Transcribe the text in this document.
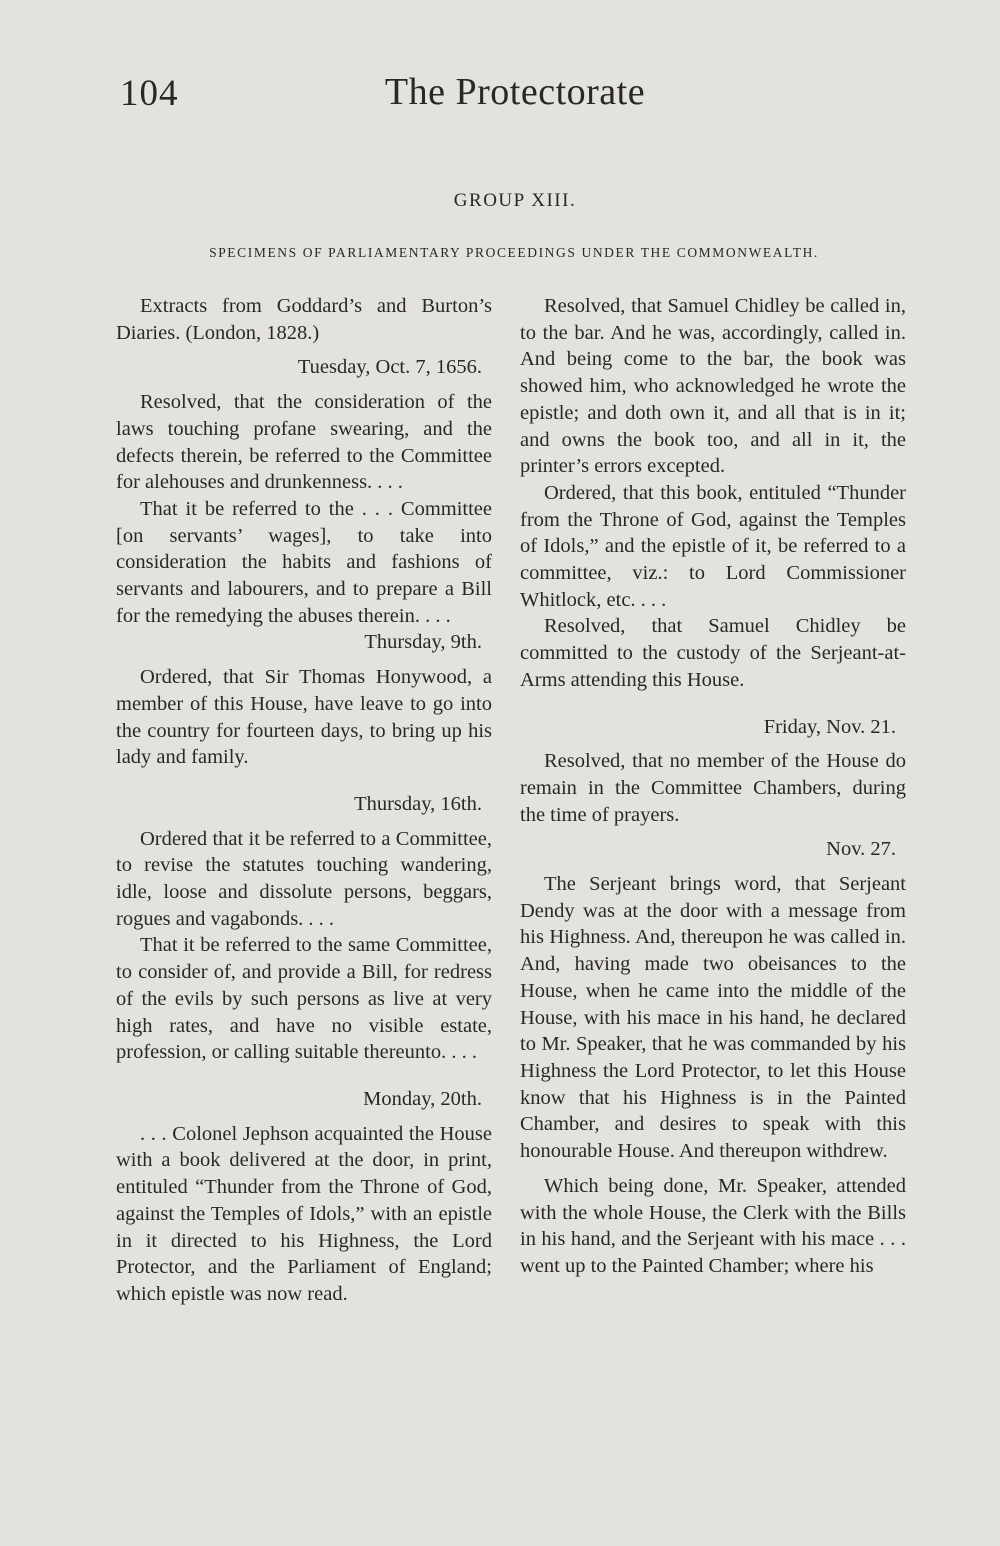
104	The Protectorate
GROUP XIII.
SPECIMENS OF PARLIAMENTARY PROCEEDINGS UNDER THE COMMONWEALTH.

Extracts from Goddard’s and Burton’s Diaries. (London, 1828.)

Tuesday, Oct. 7, 1656.

Resolved, that the consideration of the laws touching profane swearing, and the defects therein, be referred to the Committee for alehouses and drunkenness. . . .

That it be referred to the . . . Committee [on servants’ wages], to take into consideration the habits and fashions of servants and labourers, and to prepare a Bill for the remedying the abuses therein. . . .

Thursday, 9th.

Ordered, that Sir Thomas Honywood, a member of this House, have leave to go into the country for fourteen days, to bring up his lady and family.

Thursday, 16th.

Ordered that it be referred to a Committee, to revise the statutes touching wandering, idle, loose and dissolute persons, beggars, rogues and vagabonds. . . .

That it be referred to the same Committee, to consider of, and provide a Bill, for redress of the evils by such persons as live at very high rates, and have no visible estate, profession, or calling suitable thereunto. . . .

Monday, 20th.

. . . Colonel Jephson acquainted the House with a book delivered at the door, in print, entituled “Thunder from the Throne of God, against the Temples of Idols,” with an epistle in it directed to his Highness, the Lord Protector, and the Parliament of England; which epistle was now read.

Resolved, that Samuel Chidley be called in, to the bar. And he was, accordingly, called in. And being come to the bar, the book was showed him, who acknowledged he wrote the epistle; and doth own it, and all that is in it; and owns the book too, and all in it, the printer’s errors excepted.

Ordered, that this book, entituled “Thunder from the Throne of God, against the Temples of Idols,” and the epistle of it, be referred to a committee, viz.: to Lord Commissioner Whitlock, etc. . . .

Resolved, that Samuel Chidley be committed to the custody of the Serjeant-at-Arms attending this House.

Friday, Nov. 21.

Resolved, that no member of the House do remain in the Committee Chambers, during the time of prayers.

Nov. 27.

The Serjeant brings word, that Serjeant Dendy was at the door with a message from his Highness. And, thereupon he was called in. And, having made two obeisances to the House, when he came into the middle of the House, with his mace in his hand, he declared to Mr. Speaker, that he was commanded by his Highness the Lord Protector, to let this House know that his Highness is in the Painted Chamber, and desires to speak with this honourable House. And thereupon withdrew.

Which being done, Mr. Speaker, attended with the whole House, the Clerk with the Bills in his hand, and the Serjeant with his mace . . . went up to the Painted Chamber; where his
